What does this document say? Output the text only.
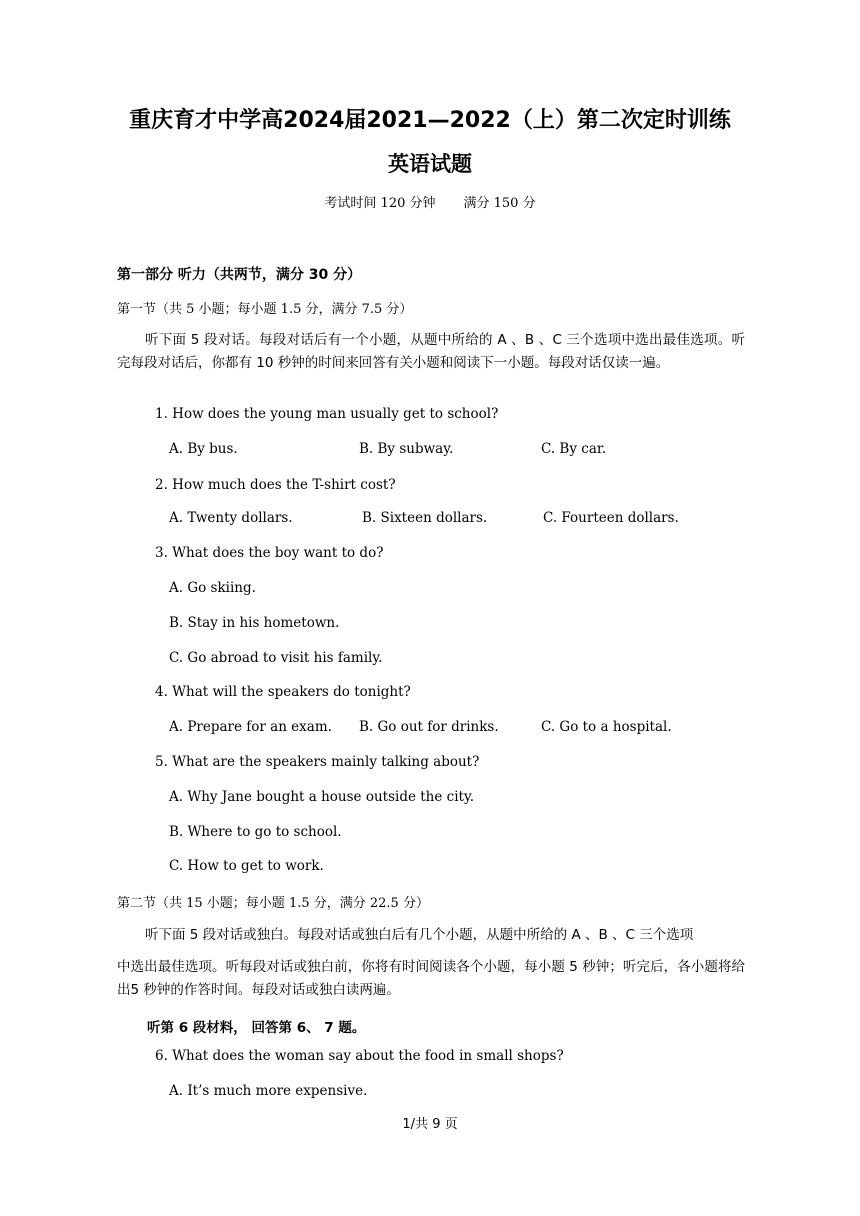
重庆育才中学高2024届2021—2022（上）第二次定时训练
英语试题
考试时间 120 分钟 满分 150 分
第一部分 听力（共两节，满分 30 分）
第一节（共 5 小题；每小题 1.5 分，满分 7.5 分）
听下面 5 段对话。每段对话后有一个小题，从题中所给的 A 、B 、C 三个选项中选出最佳选项。听完每段对话后，你都有 10 秒钟的时间来回答有关小题和阅读下一小题。每段对话仅读一遍。
1. How does the young man usually get to school?
A. By bus.	B. By subway.	C. By car.
2. How much does the T-shirt cost?
A. Twenty dollars.	B. Sixteen dollars.	C. Fourteen dollars.
3. What does the boy want to do?
A. Go skiing.
B. Stay in his hometown.
C. Go abroad to visit his family.
4. What will the speakers do tonight?
A. Prepare for an exam. B. Go out for drinks.	C. Go to a hospital.
5. What are the speakers mainly talking about?
A. Why Jane bought a house outside the city.
B. Where to go to school.
C. How to get to work.
第二节（共 15 小题；每小题 1.5 分，满分 22.5 分）
听下面 5 段对话或独白。每段对话或独白后有几个小题，从题中所给的 A 、B 、C 三个选项
中选出最佳选项。听每段对话或独白前，你将有时间阅读各个小题，每小题 5 秒钟；听完后，各小题将给出5 秒钟的作答时间。每段对话或独白读两遍。
听第 6 段材料， 回答第 6、 7 题。
6. What does the woman say about the food in small shops?
A. It’s much more expensive.
1/共 9 页
